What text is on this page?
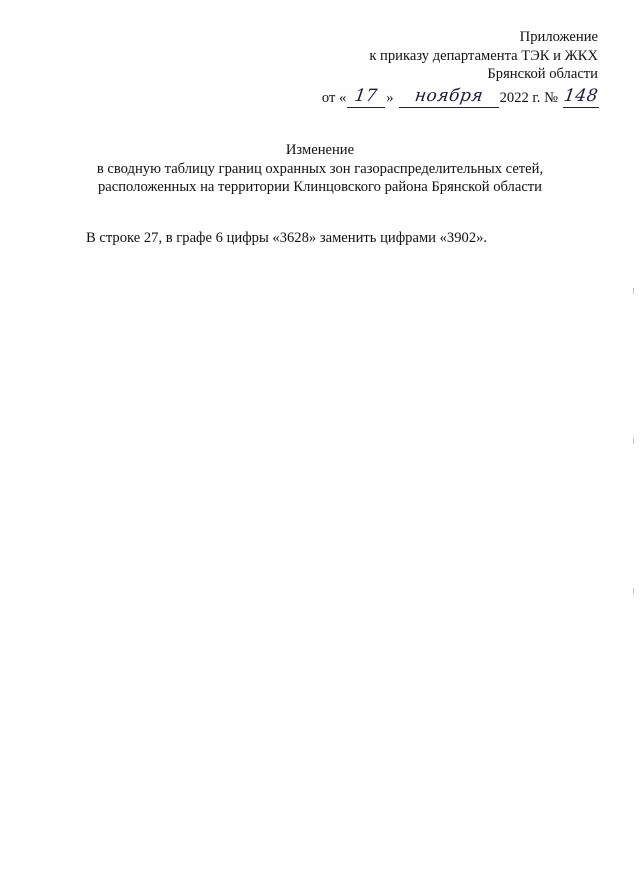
Приложение
к приказу департамента ТЭК и ЖКХ
Брянской области
от « 17 »	ноября	2022 г. № 148
Изменение
в сводную таблицу границ охранных зон газораспределительных сетей,
расположенных на территории Клинцовского района Брянской области
В строке 27, в графе 6 цифры «3628» заменить цифрами «3902».
